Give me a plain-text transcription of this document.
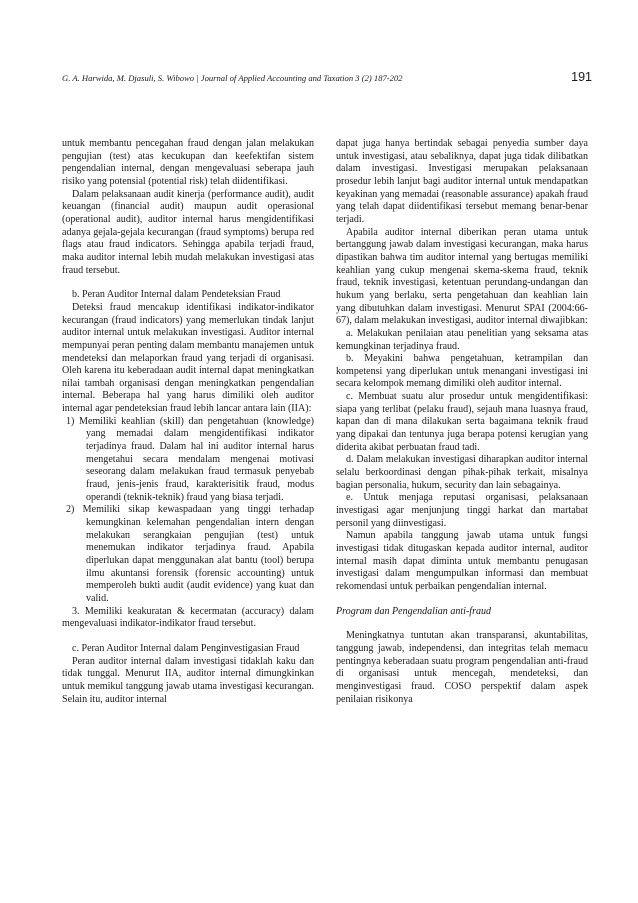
G. A. Harwida, M. Djasuli, S. Wibowo | Journal of Applied Accounting and Taxation 3 (2) 187-202	191

untuk membantu pencegahan fraud dengan jalan melakukan pengujian (test) atas kecukupan dan keefektifan sistem pengendalian internal, dengan mengevaluasi seberapa jauh risiko yang potensial (potential risk) telah diidentifikasi.

Dalam pelaksanaan audit kinerja (performance audit), audit keuangan (financial audit) maupun audit operasional (operational audit), auditor internal harus mengidentifikasi adanya gejala-gejala kecurangan (fraud symptoms) berupa red flags atau fraud indicators. Sehingga apabila terjadi fraud, maka auditor internal lebih mudah melakukan investigasi atas fraud tersebut.

b. Peran Auditor Internal dalam Pendeteksian Fraud

Deteksi fraud mencakup identifikasi indikator-indikator kecurangan (fraud indicators) yang memerlukan tindak lanjut auditor internal untuk melakukan investigasi. Auditor internal mempunyai peran penting dalam membantu manajemen untuk mendeteksi dan melaporkan fraud yang terjadi di organisasi. Oleh karena itu keberadaan audit internal dapat meningkatkan nilai tambah organisasi dengan meningkatkan pengendalian internal. Beberapa hal yang harus dimiliki oleh auditor internal agar pendeteksian fraud lebih lancar antara lain (IIA):

1) Memiliki keahlian (skill) dan pengetahuan (knowledge) yang memadai dalam mengidentifikasi indikator terjadinya fraud. Dalam hal ini auditor internal harus mengetahui secara mendalam mengenai motivasi seseorang dalam melakukan fraud termasuk penyebab fraud, jenis-jenis fraud, karakterisitik fraud, modus operandi (teknik-teknik) fraud yang biasa terjadi.

2) Memiliki sikap kewaspadaan yang tinggi terhadap kemungkinan kelemahan pengendalian intern dengan melakukan serangkaian pengujian (test) untuk menemukan indikator terjadinya fraud. Apabila diperlukan dapat menggunakan alat bantu (tool) berupa ilmu akuntansi forensik (forensic accounting) untuk memperoleh bukti audit (audit evidence) yang kuat dan valid.

3. Memiliki keakuratan & kecermatan (accuracy) dalam mengevaluasi indikator-indikator fraud tersebut.

c. Peran Auditor Internal dalam Penginvestigasian Fraud

Peran auditor internal dalam investigasi tidaklah kaku dan tidak tunggal. Menurut IIA, auditor internal dimungkinkan untuk memikul tanggung jawab utama investigasi kecurangan. Selain itu, auditor internal

dapat juga hanya bertindak sebagai penyedia sumber daya untuk investigasi, atau sebaliknya, dapat juga tidak dilibatkan dalam investigasi. Investigasi merupakan pelaksanaan prosedur lebih lanjut bagi auditor internal untuk mendapatkan keyakinan yang memadai (reasonable assurance) apakah fraud yang telah dapat diidentifikasi tersebut memang benar-benar terjadi.

Apabila auditor internal diberikan peran utama untuk bertanggung jawab dalam investigasi kecurangan, maka harus dipastikan bahwa tim auditor internal yang bertugas memiliki keahlian yang cukup mengenai skema-skema fraud, teknik fraud, teknik investigasi, ketentuan perundang-undangan dan hukum yang berlaku, serta pengetahuan dan keahlian lain yang dibutuhkan dalam investigasi. Menurut SPAI (2004:66-67), dalam melakukan investigasi, auditor internal diwajibkan:

a. Melakukan penilaian atau penelitian yang seksama atas kemungkinan terjadinya fraud.

b. Meyakini bahwa pengetahuan, ketrampilan dan kompetensi yang diperlukan untuk menangani investigasi ini secara kelompok memang dimiliki oleh auditor internal.

c. Membuat suatu alur prosedur untuk mengidentifikasi: siapa yang terlibat (pelaku fraud), sejauh mana luasnya fraud, kapan dan di mana dilakukan serta bagaimana teknik fraud yang dipakai dan tentunya juga berapa potensi kerugian yang diderita akibat perbuatan fraud tadi.

d. Dalam melakukan investigasi diharapkan auditor internal selalu berkoordinasi dengan pihak-pihak terkait, misalnya bagian personalia, hukum, security dan lain sebagainya.

e. Untuk menjaga reputasi organisasi, pelaksanaan investigasi agar menjunjung tinggi harkat dan martabat personil yang diinvestigasi.

Namun apabila tanggung jawab utama untuk fungsi investigasi tidak ditugaskan kepada auditor internal, auditor internal masih dapat diminta untuk membantu penugasan investigasi dalam mengumpulkan informasi dan membuat rekomendasi untuk perbaikan pengendalian internal.

Program dan Pengendalian anti-fraud

Meningkatnya tuntutan akan transparansi, akuntabilitas, tanggung jawab, independensi, dan integritas telah memacu pentingnya keberadaan suatu program pengendalian anti-fraud di organisasi untuk mencegah, mendeteksi, dan menginvestigasi fraud. COSO perspektif dalam aspek penilaian risikonya
